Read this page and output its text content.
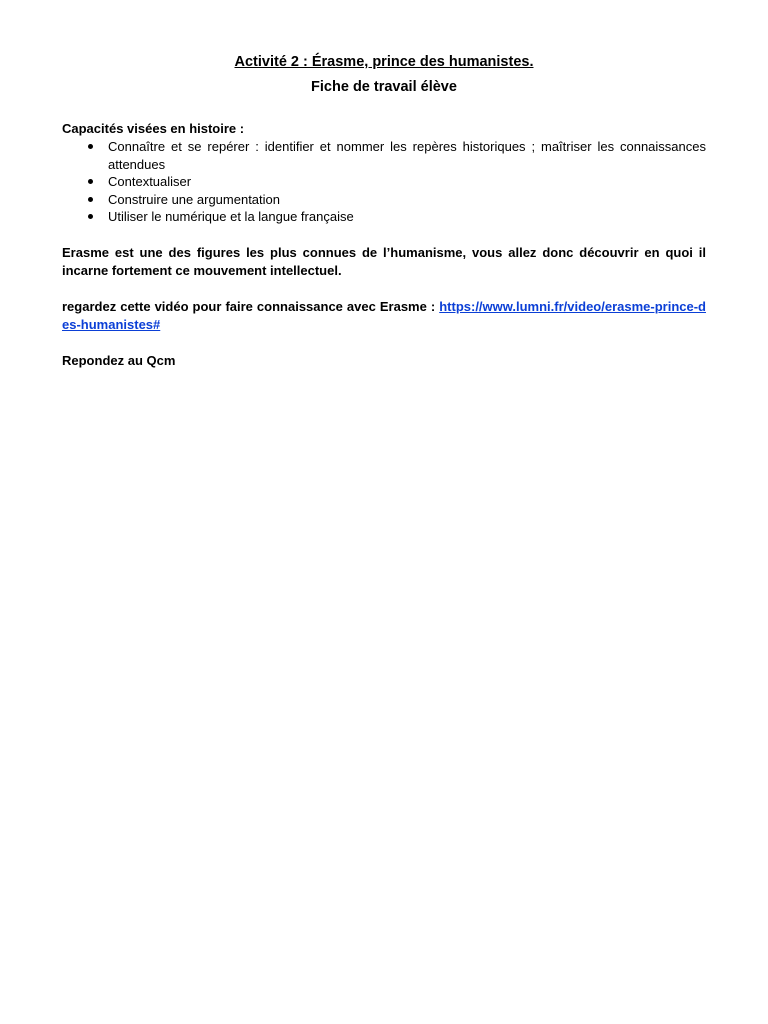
Activité 2 : Érasme, prince des humanistes.

Fiche de travail élève

Capacités visées en histoire :
Connaître et se repérer : identifier et nommer les repères historiques ; maîtriser les connaissances attendues
Contextualiser
Construire une argumentation
Utiliser le numérique et la langue française

Erasme est une des figures les plus connues de l’humanisme, vous allez donc découvrir en quoi il incarne fortement ce mouvement intellectuel.

regardez cette vidéo pour faire connaissance avec Erasme : https://www.lumni.fr/video/erasme-prince-des-humanistes#

Repondez au Qcm
